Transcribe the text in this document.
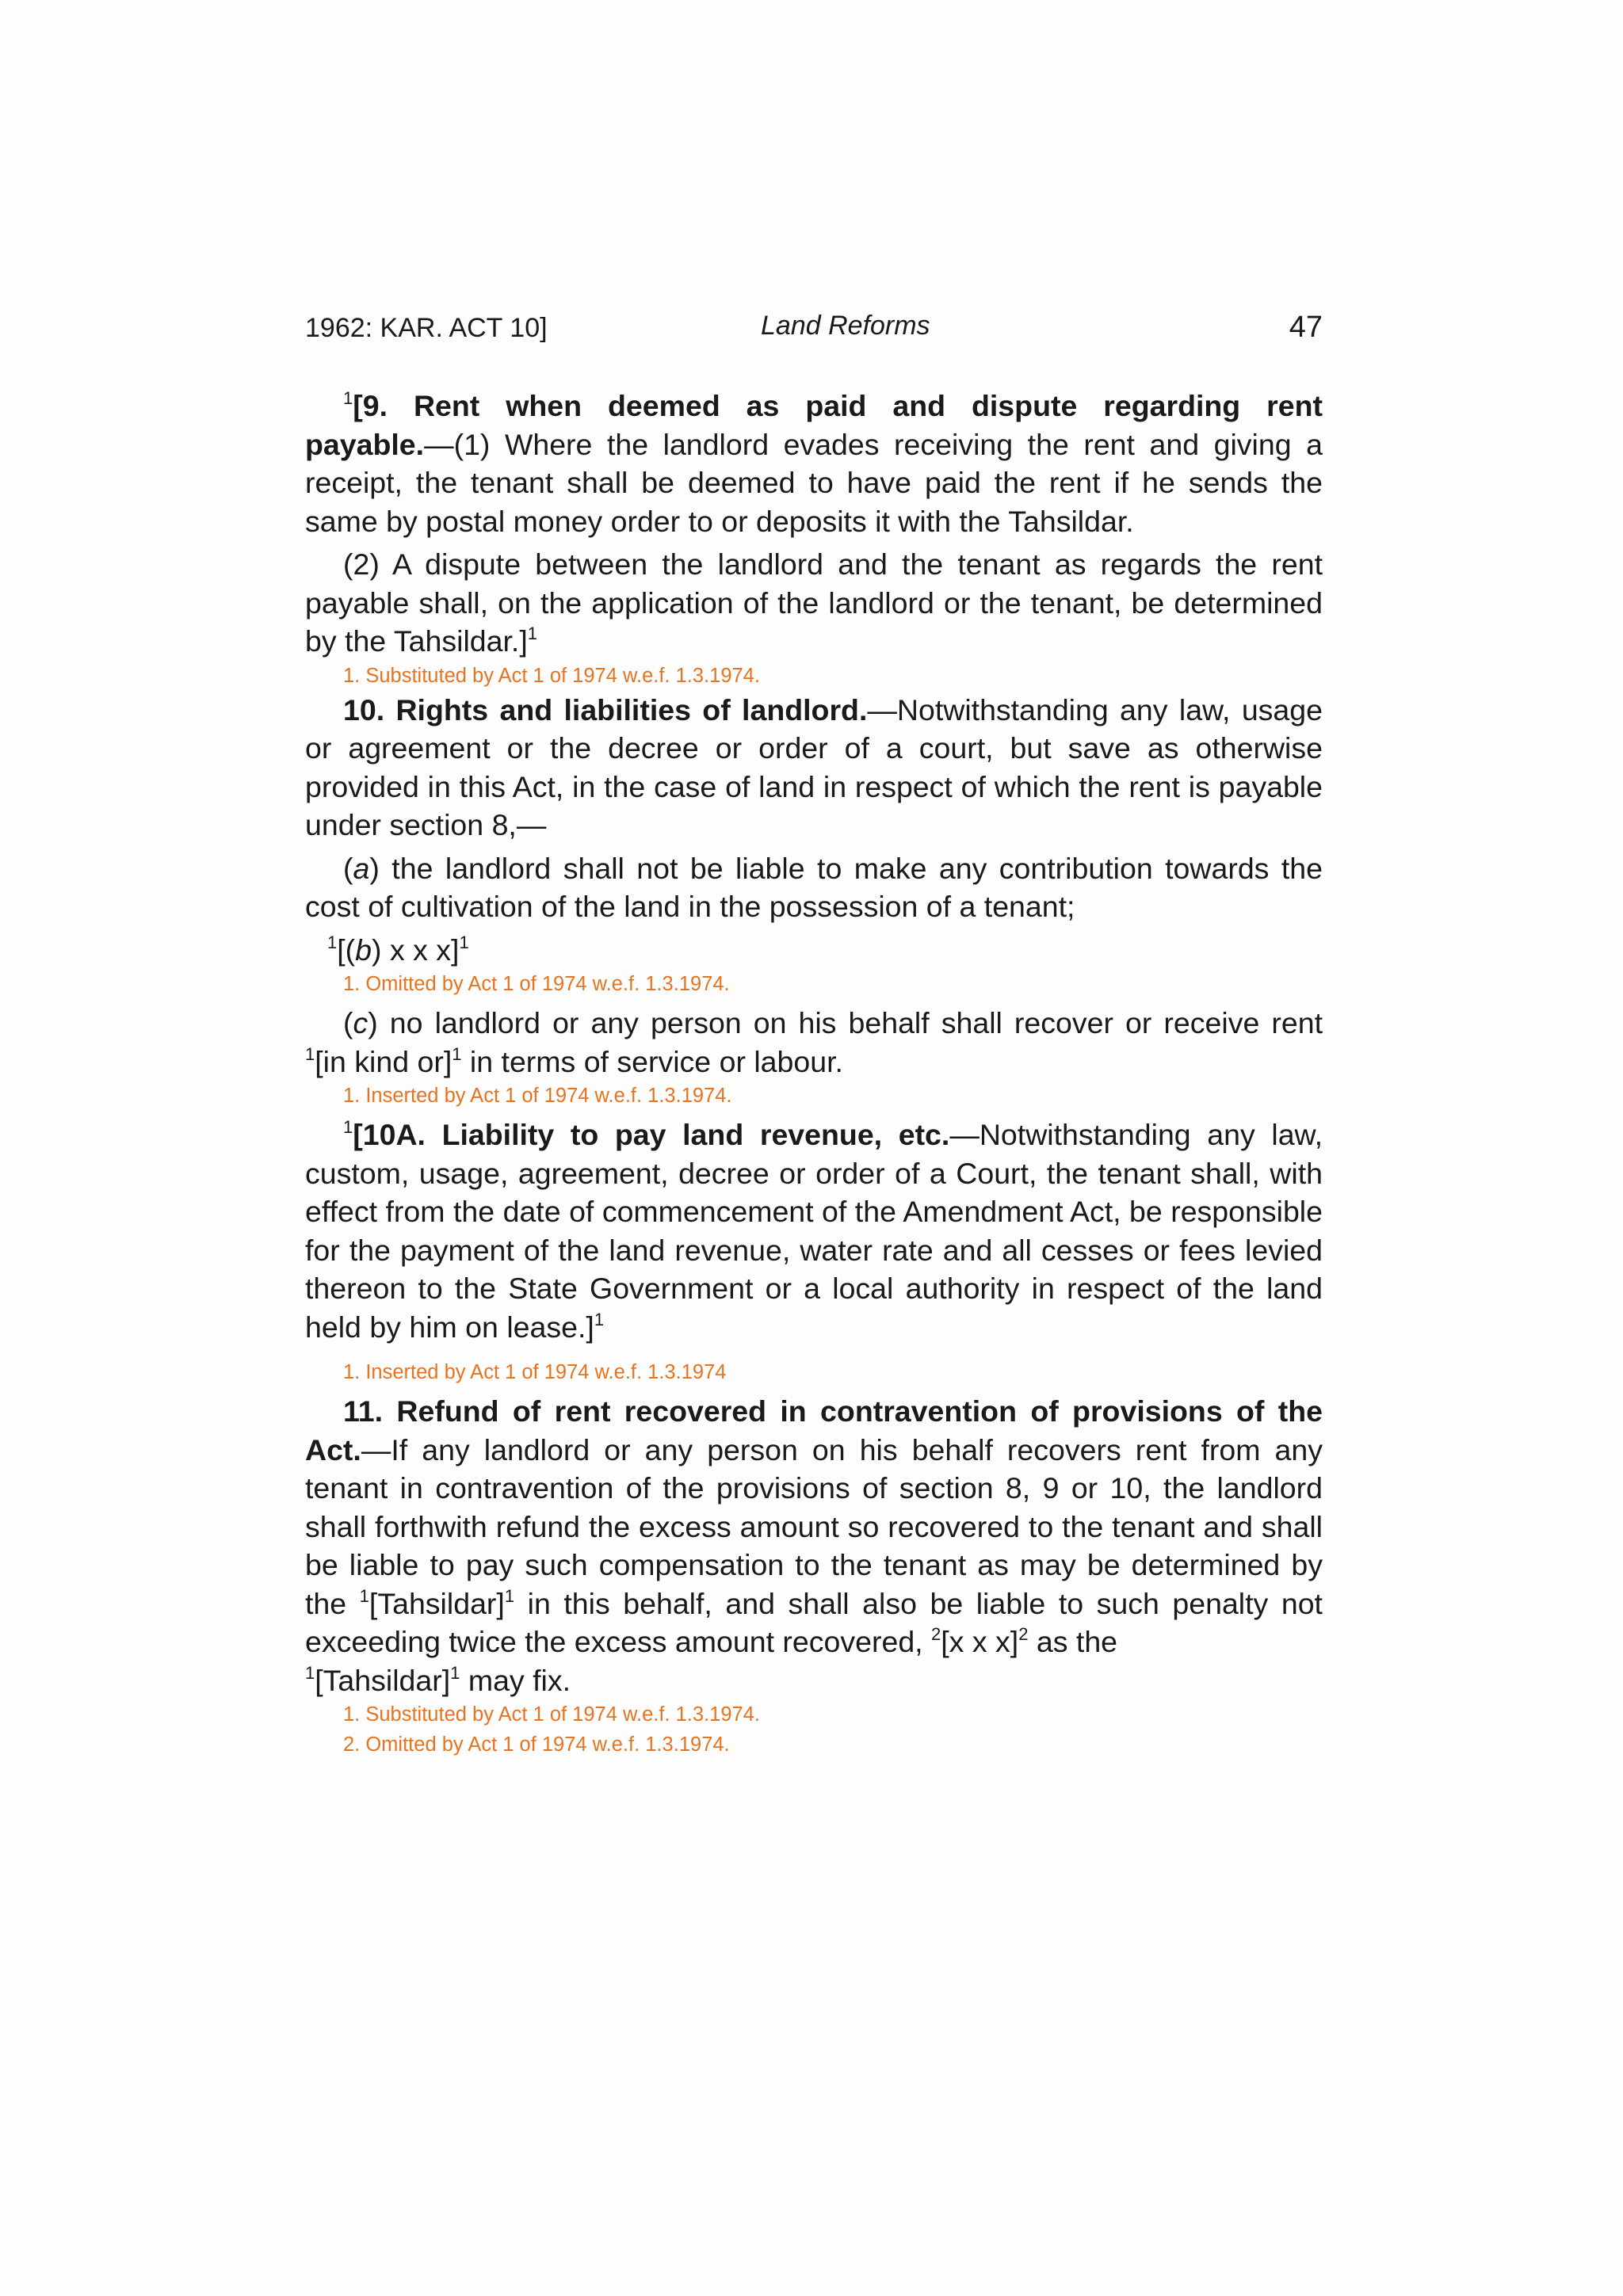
1962: KAR. ACT 10]	Land Reforms	47

$^1$[9. Rent when deemed as paid and dispute regarding rent payable.—(1) Where the landlord evades receiving the rent and giving a receipt, the tenant shall be deemed to have paid the rent if he sends the same by postal money order to or deposits it with the Tahsildar.

(2) A dispute between the landlord and the tenant as regards the rent payable shall, on the application of the landlord or the tenant, be determined by the Tahsildar.]$^1$

1. Substituted by Act 1 of 1974 w.e.f. 1.3.1974.

10. Rights and liabilities of landlord.—Notwithstanding any law, usage or agreement or the decree or order of a court, but save as otherwise provided in this Act, in the case of land in respect of which the rent is payable under section 8,—

(a) the landlord shall not be liable to make any contribution towards the cost of cultivation of the land in the possession of a tenant;

$^1$[(b) x x x]$^1$

1. Omitted by Act 1 of 1974 w.e.f. 1.3.1974.

(c) no landlord or any person on his behalf shall recover or receive rent $^1$[in kind or]$^1$ in terms of service or labour.

1. Inserted by Act 1 of 1974 w.e.f. 1.3.1974.

$^1$[10A. Liability to pay land revenue, etc.—Notwithstanding any law, custom, usage, agreement, decree or order of a Court, the tenant shall, with effect from the date of commencement of the Amendment Act, be responsible for the payment of the land revenue, water rate and all cesses or fees levied thereon to the State Government or a local authority in respect of the land held by him on lease.]$^1$

1. Inserted by Act 1 of 1974 w.e.f. 1.3.1974

11. Refund of rent recovered in contravention of provisions of the Act.—If any landlord or any person on his behalf recovers rent from any tenant in contravention of the provisions of section 8, 9 or 10, the landlord shall forthwith refund the excess amount so recovered to the tenant and shall be liable to pay such compensation to the tenant as may be determined by the $^1$[Tahsildar]$^1$ in this behalf, and shall also be liable to such penalty not exceeding twice the excess amount recovered, $^2$[x x x]$^2$ as the
$^1$[Tahsildar]$^1$ may fix.

1. Substituted by Act 1 of 1974 w.e.f. 1.3.1974.

2. Omitted by Act 1 of 1974 w.e.f. 1.3.1974.
